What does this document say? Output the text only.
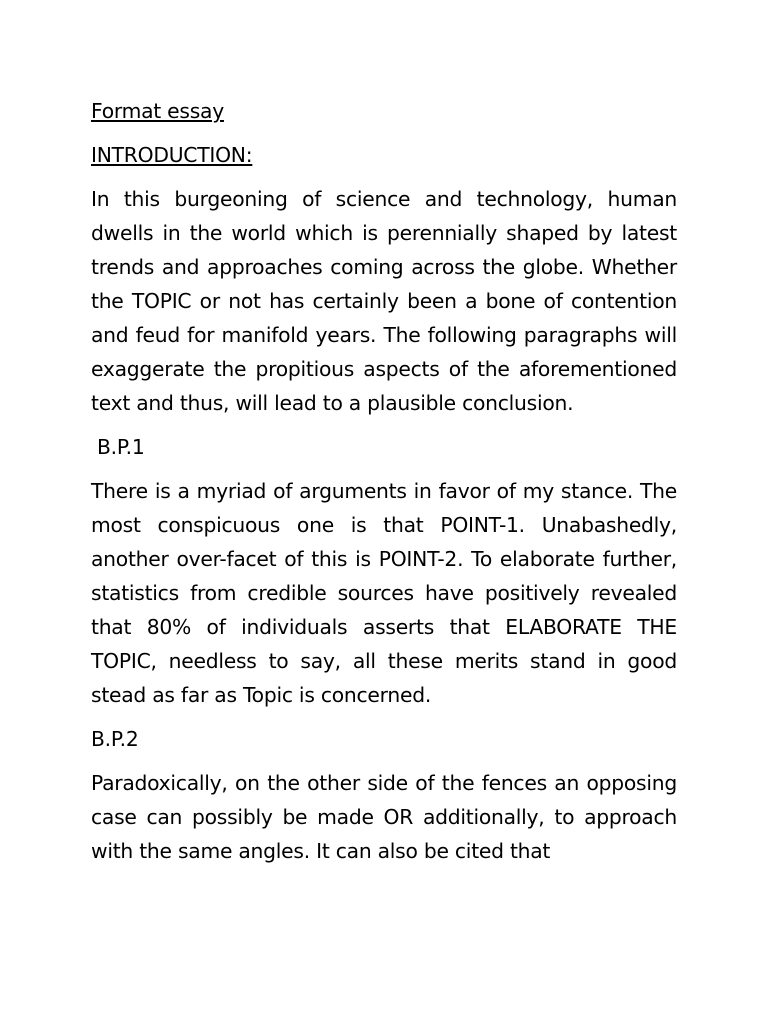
Format essay

INTRODUCTION:

In this burgeoning of science and technology, human dwells in the world which is perennially shaped by latest trends and approaches coming across the globe. Whether the TOPIC or not has certainly been a bone of contention and feud for manifold years. The following paragraphs will exaggerate the propitious aspects of the aforementioned text and thus, will lead to a plausible conclusion.

B.P.1

There is a myriad of arguments in favor of my stance. The most conspicuous one is that POINT-1. Unabashedly, another over-facet of this is POINT-2. To elaborate further, statistics from credible sources have positively revealed that 80% of individuals asserts that ELABORATE THE TOPIC, needless to say, all these merits stand in good stead as far as Topic is concerned.

B.P.2

Paradoxically, on the other side of the fences an opposing case can possibly be made OR additionally, to approach with the same angles. It can also be cited that
